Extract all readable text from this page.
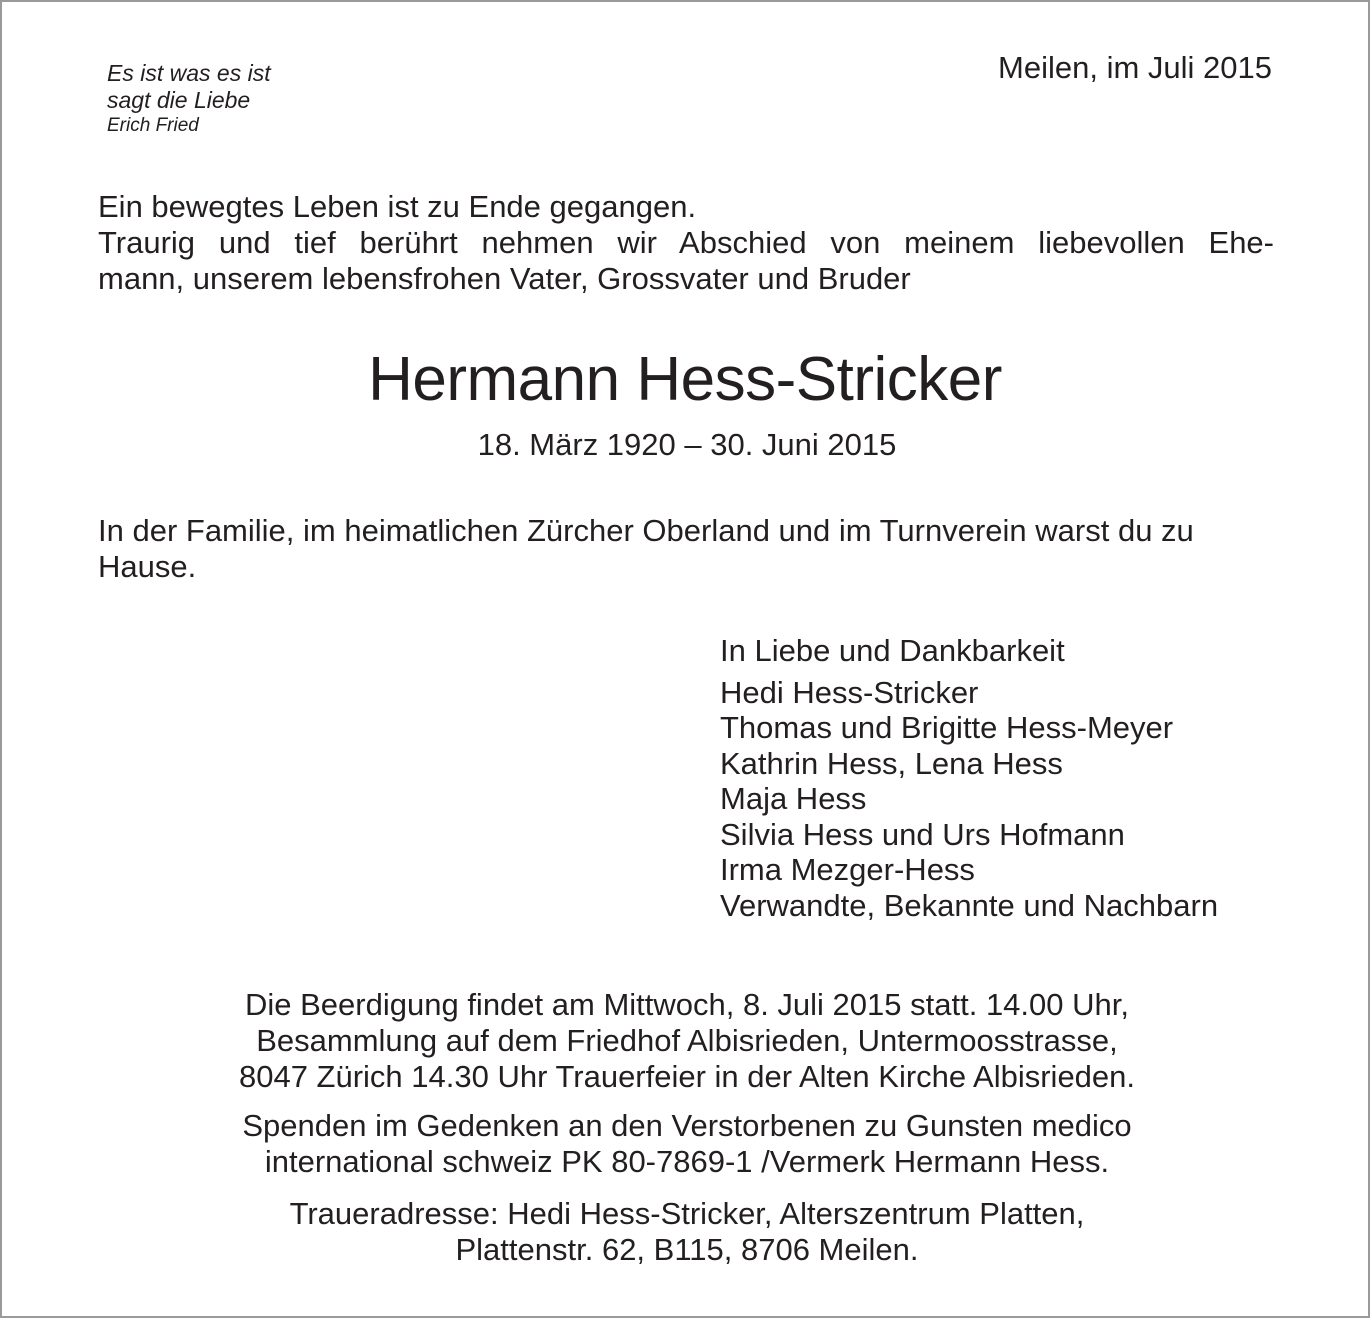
Es ist was es ist
sagt die Liebe
Erich Fried
Meilen, im Juli 2015
Ein bewegtes Leben ist zu Ende gegangen.
Traurig und tief berührt nehmen wir Abschied von meinem liebevollen Ehe-
mann, unserem lebensfrohen Vater, Grossvater und Bruder
Hermann Hess-Stricker
18. März 1920 – 30. Juni 2015
In der Familie, im heimatlichen Zürcher Oberland und im Turnverein warst du zu Hause.
In Liebe und Dankbarkeit
Hedi Hess-Stricker
Thomas und Brigitte Hess-Meyer
Kathrin Hess, Lena Hess
Maja Hess
Silvia Hess und Urs Hofmann
Irma Mezger-Hess
Verwandte, Bekannte und Nachbarn
Die Beerdigung findet am Mittwoch, 8. Juli 2015 statt. 14.00 Uhr,
Besammlung auf dem Friedhof Albisrieden, Untermoosstrasse,
8047 Zürich 14.30 Uhr Trauerfeier in der Alten Kirche Albisrieden.
Spenden im Gedenken an den Verstorbenen zu Gunsten medico
international schweiz PK 80-7869-1 /Vermerk Hermann Hess.
Traueradresse: Hedi Hess-Stricker, Alterszentrum Platten,
Plattenstr. 62, B115, 8706 Meilen.
